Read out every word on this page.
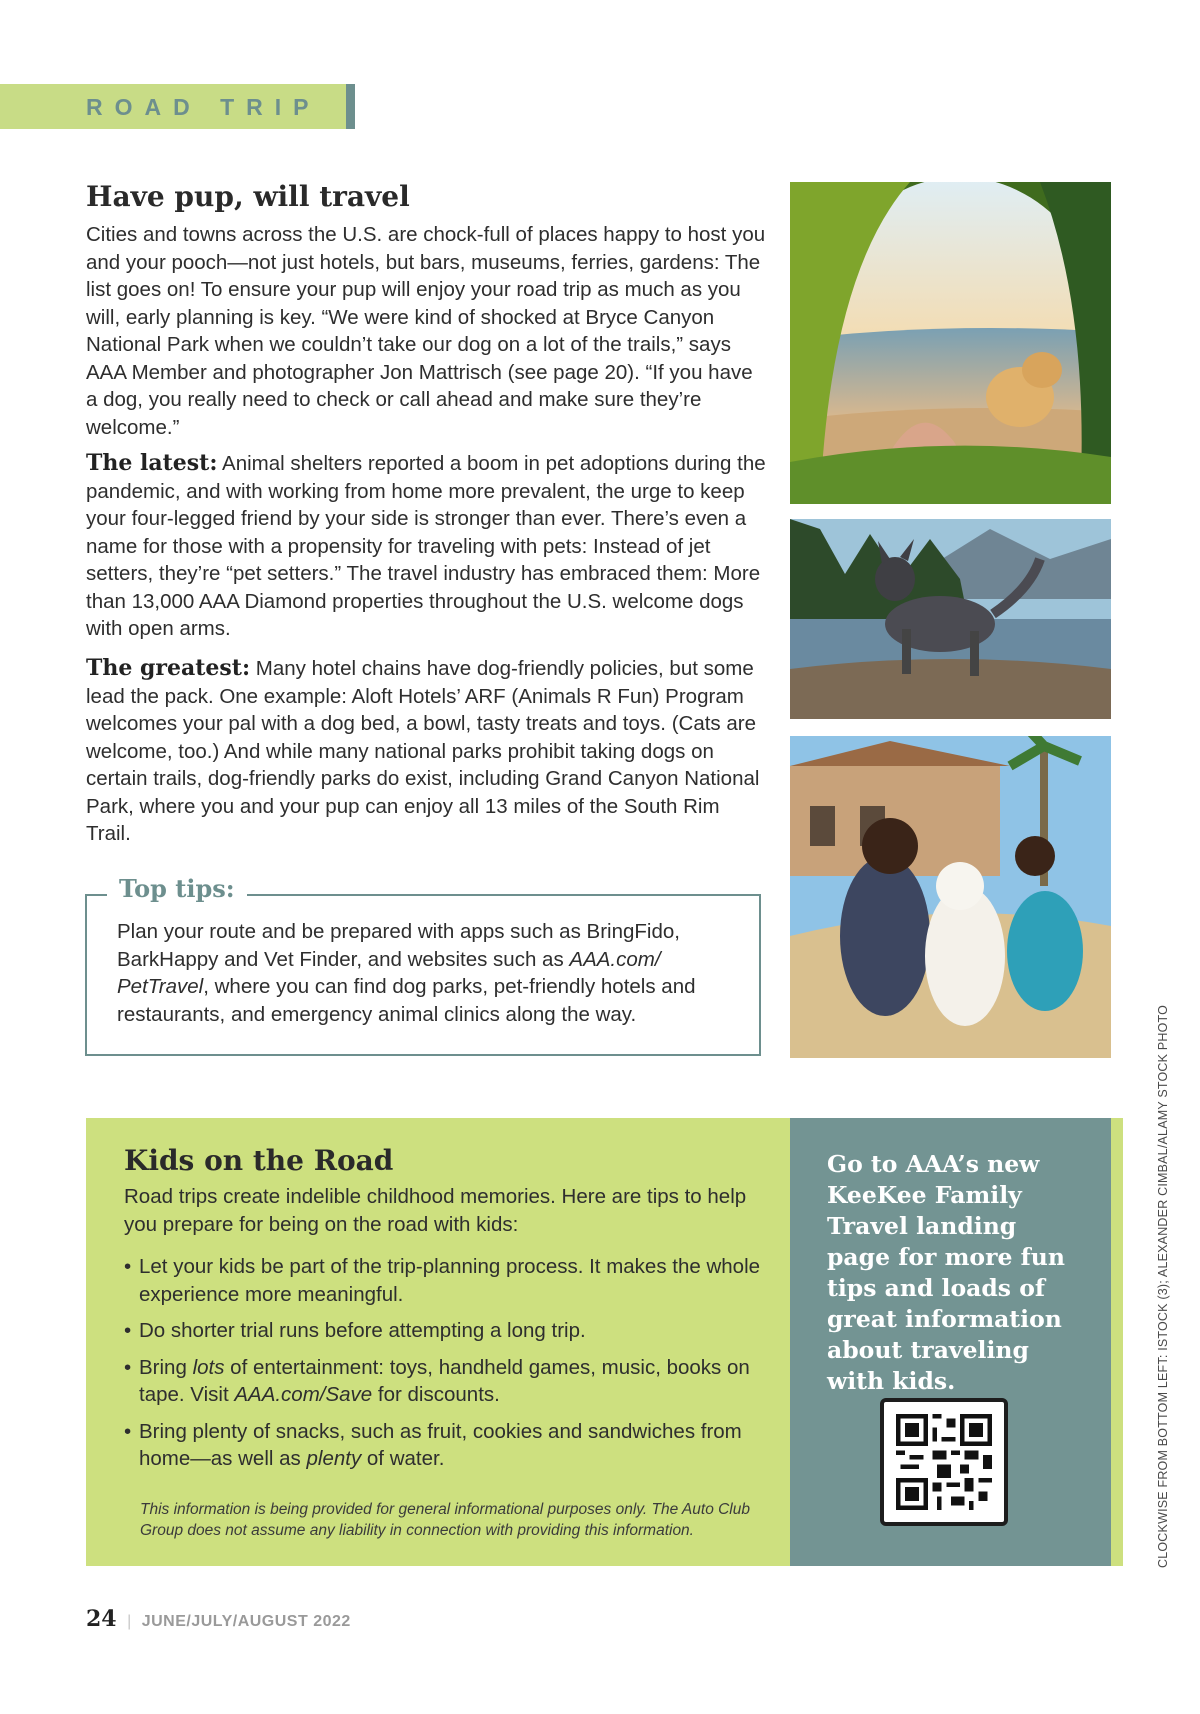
ROAD TRIP
Have pup, will travel

Cities and towns across the U.S. are chock-full of places happy to host you and your pooch—not just hotels, but bars, museums, ferries, gardens: The list goes on! To ensure your pup will enjoy your road trip as much as you will, early planning is key. “We were kind of shocked at Bryce Canyon National Park when we couldn’t take our dog on a lot of the trails,” says AAA Member and photographer Jon Mattrisch (see page 20). “If you have a dog, you really need to check or call ahead and make sure they’re welcome.”

The latest: Animal shelters reported a boom in pet adoptions during the pandemic, and with working from home more prevalent, the urge to keep your four-legged friend by your side is stronger than ever. There’s even a name for those with a propensity for traveling with pets: Instead of jet setters, they’re “pet setters.” The travel industry has embraced them: More than 13,000 AAA Diamond properties throughout the U.S. welcome dogs with open arms.

The greatest: Many hotel chains have dog-friendly policies, but some lead the pack. One example: Aloft Hotels’ ARF (Animals R Fun) Program welcomes your pal with a dog bed, a bowl, tasty treats and toys. (Cats are welcome, too.) And while many national parks prohibit taking dogs on certain trails, dog-friendly parks do exist, including Grand Canyon National Park, where you and your pup can enjoy all 13 miles of the South Rim Trail.

Top tips:

Plan your route and be prepared with apps such as BringFido, BarkHappy and Vet Finder, and websites such as AAA.com/ PetTravel, where you can find dog parks, pet-friendly hotels and restaurants, and emergency animal clinics along the way.

Kids on the Road

Road trips create indelible childhood memories. Here are tips to help you prepare for being on the road with kids:

• Let your kids be part of the trip-planning process. It makes the whole experience more meaningful.
• Do shorter trial runs before attempting a long trip.
• Bring lots of entertainment: toys, handheld games, music, books on tape. Visit AAA.com/Save for discounts.
• Bring plenty of snacks, such as fruit, cookies and sandwiches from home—as well as plenty of water.

This information is being provided for general informational purposes only. The Auto Club Group does not assume any liability in connection with providing this information.

Go to AAA’s new KeeKee Family Travel landing page for more fun tips and loads of great information about traveling with kids.	CLOCKWISE FROM BOTTOM LEFT: ISTOCK (3); ALEXANDER CIMBAL/ALAMY STOCK PHOTO
24 | JUNE/JULY/AUGUST 2022
